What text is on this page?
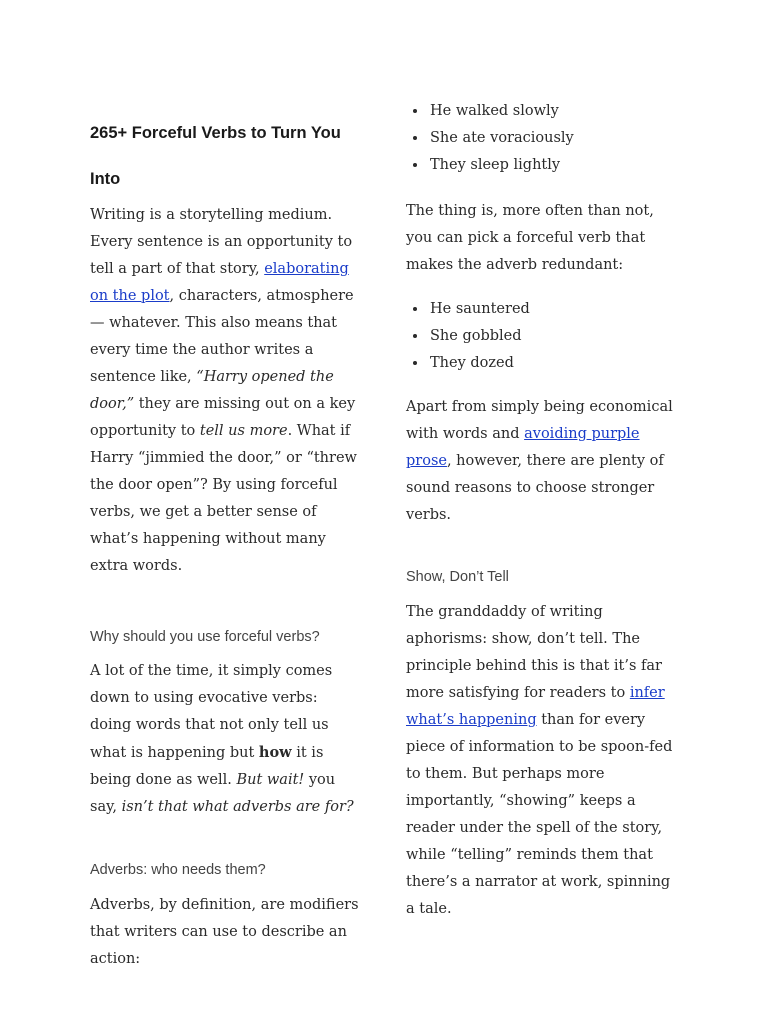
265+ Forceful Verbs to Turn You
Into

Writing is a storytelling medium. Every sentence is an opportunity to tell a part of that story, elaborating on the plot, characters, atmosphere — whatever. This also means that every time the author writes a sentence like, “Harry opened the door,” they are missing out on a key opportunity to tell us more. What if Harry “jimmied the door,” or “threw the door open”? By using forceful verbs, we get a better sense of what’s happening without many extra words.

Why should you use forceful verbs?

A lot of the time, it simply comes down to using evocative verbs: doing words that not only tell us what is happening but how it is being done as well. But wait! you say, isn’t that what adverbs are for?

Adverbs: who needs them?

Adverbs, by definition, are modifiers that writers can use to describe an action:

• He walked slowly
• She ate voraciously
• They sleep lightly

The thing is, more often than not, you can pick a forceful verb that makes the adverb redundant:

• He sauntered
• She gobbled
• They dozed

Apart from simply being economical with words and avoiding purple prose, however, there are plenty of sound reasons to choose stronger verbs.

Show, Don’t Tell

The granddaddy of writing aphorisms: show, don’t tell. The principle behind this is that it’s far more satisfying for readers to infer what’s happening than for every piece of information to be spoon-fed to them. But perhaps more importantly, “showing” keeps a reader under the spell of the story, while “telling” reminds them that there’s a narrator at work, spinning a tale.
